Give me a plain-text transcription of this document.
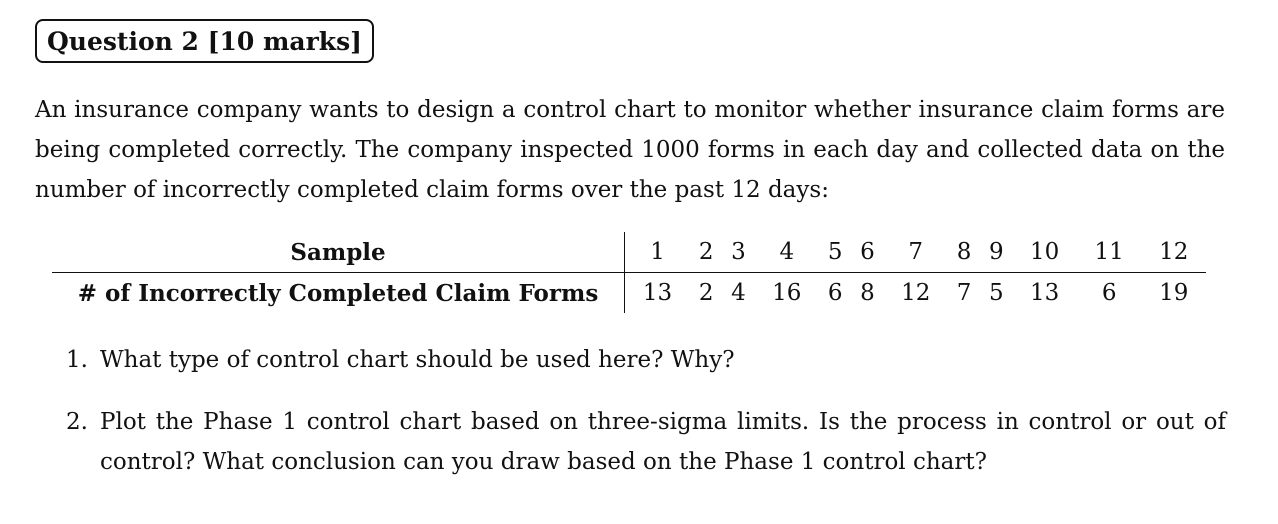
Question 2 [10 marks]
An insurance company wants to design a control chart to monitor whether insurance claim forms are
being completed correctly. The company inspected 1000 forms in each day and collected data on the
number of incorrectly completed claim forms over the past 12 days:
Sample	1	2	3	4	5	6	7	8	9	10	11	12
# of Incorrectly Completed Claim Forms	13	2	4	16	6	8	12	7	5	13	6	19
1. What type of control chart should be used here? Why?
2. Plot the Phase 1 control chart based on three-sigma limits. Is the process in control or out of
control? What conclusion can you draw based on the Phase 1 control chart?
